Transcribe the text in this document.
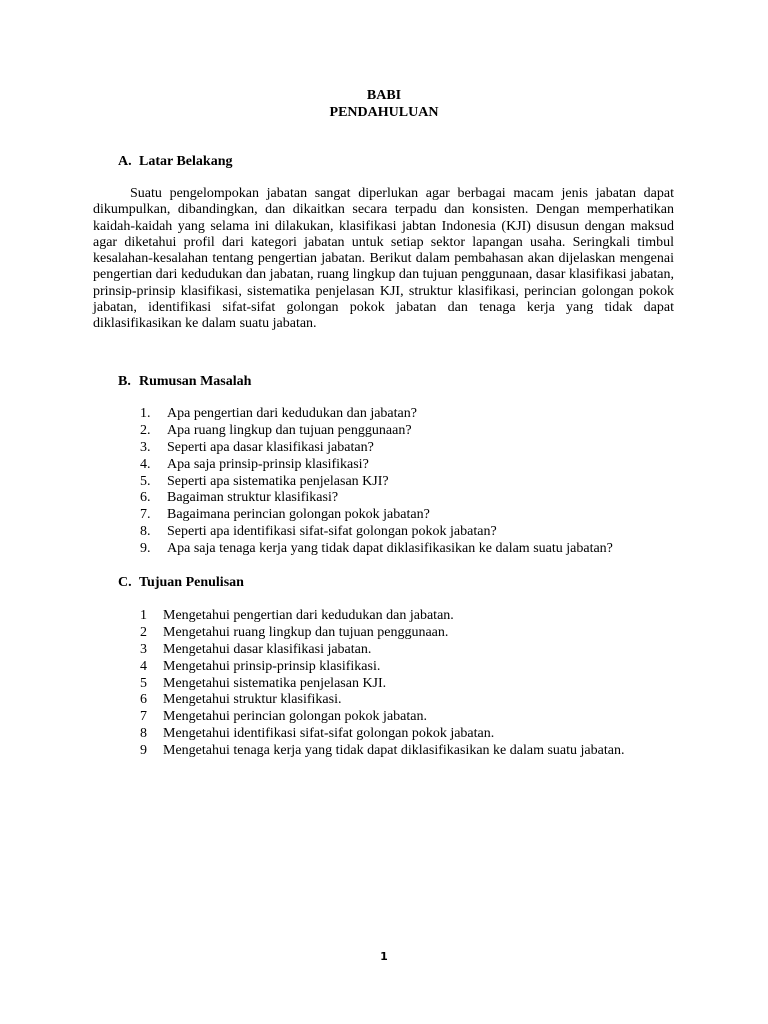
BABI
PENDAHULUAN
A. Latar Belakang

Suatu pengelompokan jabatan sangat diperlukan agar berbagai macam jenis jabatan dapat dikumpulkan, dibandingkan, dan dikaitkan secara terpadu dan konsisten. Dengan memperhatikan kaidah-kaidah yang selama ini dilakukan, klasifikasi jabtan Indonesia (KJI) disusun dengan maksud agar diketahui profil dari kategori jabatan untuk setiap sektor lapangan usaha. Seringkali timbul kesalahan-kesalahan tentang pengertian jabatan. Berikut dalam pembahasan akan dijelaskan mengenai pengertian dari kedudukan dan jabatan, ruang lingkup dan tujuan penggunaan, dasar klasifikasi jabatan, prinsip-prinsip klasifikasi, sistematika penjelasan KJI, struktur klasifikasi, perincian golongan pokok jabatan, identifikasi sifat-sifat golongan pokok jabatan dan tenaga kerja yang tidak dapat diklasifikasikan ke dalam suatu jabatan.

B. Rumusan Masalah
1. Apa pengertian dari kedudukan dan jabatan?
2. Apa ruang lingkup dan tujuan penggunaan?
3. Seperti apa dasar klasifikasi jabatan?
4. Apa saja prinsip-prinsip klasifikasi?
5. Seperti apa sistematika penjelasan KJI?
6. Bagaiman struktur klasifikasi?
7. Bagaimana perincian golongan pokok jabatan?
8. Seperti apa identifikasi sifat-sifat golongan pokok jabatan?
9. Apa saja tenaga kerja yang tidak dapat diklasifikasikan ke dalam suatu jabatan?
C. Tujuan Penulisan
1 Mengetahui pengertian dari kedudukan dan jabatan.
2 Mengetahui ruang lingkup dan tujuan penggunaan.
3 Mengetahui dasar klasifikasi jabatan.
4 Mengetahui prinsip-prinsip klasifikasi.
5 Mengetahui sistematika penjelasan KJI.
6 Mengetahui struktur klasifikasi.
7 Mengetahui perincian golongan pokok jabatan.
8 Mengetahui identifikasi sifat-sifat golongan pokok jabatan.
9 Mengetahui tenaga kerja yang tidak dapat diklasifikasikan ke dalam suatu jabatan.
1
